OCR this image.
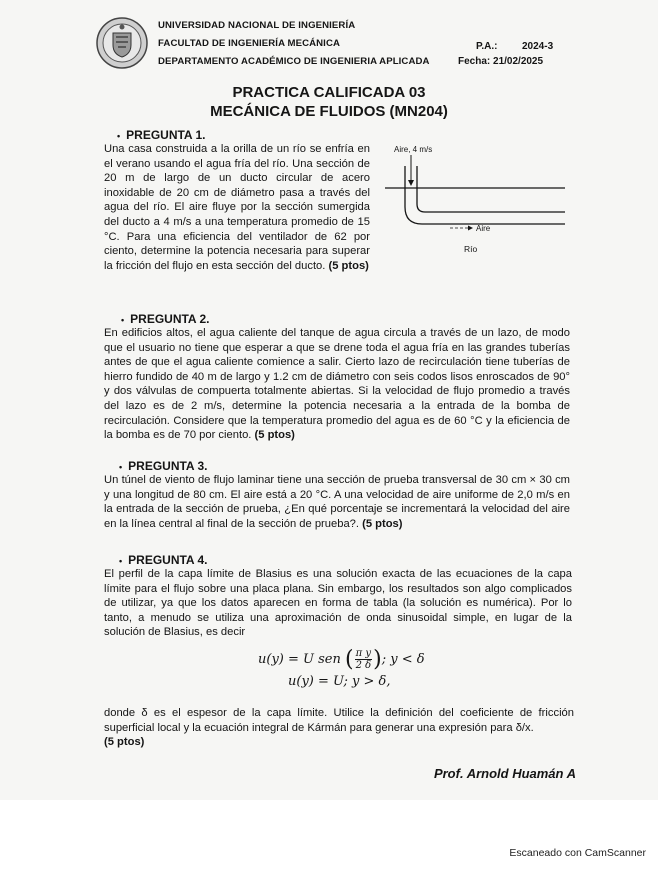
UNIVERSIDAD NACIONAL DE INGENIERÍA
FACULTAD DE INGENIERÍA MECÁNICA
DEPARTAMENTO ACADÉMICO DE INGENIERIA APLICADA
P.A.: 2024-3
Fecha: 21/02/2025
PRACTICA CALIFICADA 03
MECÁNICA DE FLUIDOS (MN204)
• PREGUNTA 1.

Una casa construida a la orilla de un río se enfría en el verano usando el agua fría del río. Una sección de 20 m de largo de un ducto circular de acero inoxidable de 20 cm de diámetro pasa a través del agua del río. El aire fluye por la sección sumergida del ducto a 4 m/s a una temperatura promedio de 15 °C. Para una eficiencia del ventilador de 62 por ciento, determine la potencia necesaria para superar la fricción del flujo en esta sección del ducto. (5 ptos)

Aire, 4 m/s
Aire
Río
• PREGUNTA 2.

En edificios altos, el agua caliente del tanque de agua circula a través de un lazo, de modo que el usuario no tiene que esperar a que se drene toda el agua fría en las grandes tuberías antes de que el agua caliente comience a salir. Cierto lazo de recirculación tiene tuberías de hierro fundido de 40 m de largo y 1.2 cm de diámetro con seis codos lisos enroscados de 90° y dos válvulas de compuerta totalmente abiertas. Si la velocidad de flujo promedio a través del lazo es de 2 m/s, determine la potencia necesaria a la entrada de la bomba de recirculación. Considere que la temperatura promedio del agua es de 60 °C y la eficiencia de la bomba es de 70 por ciento. (5 ptos)

• PREGUNTA 3.

Un túnel de viento de flujo laminar tiene una sección de prueba transversal de 30 cm × 30 cm y una longitud de 80 cm. El aire está a 20 °C. A una velocidad de aire uniforme de 2,0 m/s en la entrada de la sección de prueba, ¿En qué porcentaje se incrementará la velocidad del aire en la línea central al final de la sección de prueba?. (5 ptos)

• PREGUNTA 4.

El perfil de la capa límite de Blasius es una solución exacta de las ecuaciones de la capa límite para el flujo sobre una placa plana. Sin embargo, los resultados son algo complicados de utilizar, ya que los datos aparecen en forma de tabla (la solución es numérica). Por lo tanto, a menudo se utiliza una aproximación de onda sinusoidal simple, en lugar de la solución de Blasius, es decir

u(y) = U sen ( $\frac{\text{π y}}{2 \delta}$ ); y < δ
u(y) = U; y > δ,

donde δ es el espesor de la capa límite. Utilice la definición del coeficiente de fricción superficial local y la ecuación integral de Kármán para generar una expresión para δ/x.
(5 ptos)

Prof. Arnold Huamán A
Escaneado con CamScanner
